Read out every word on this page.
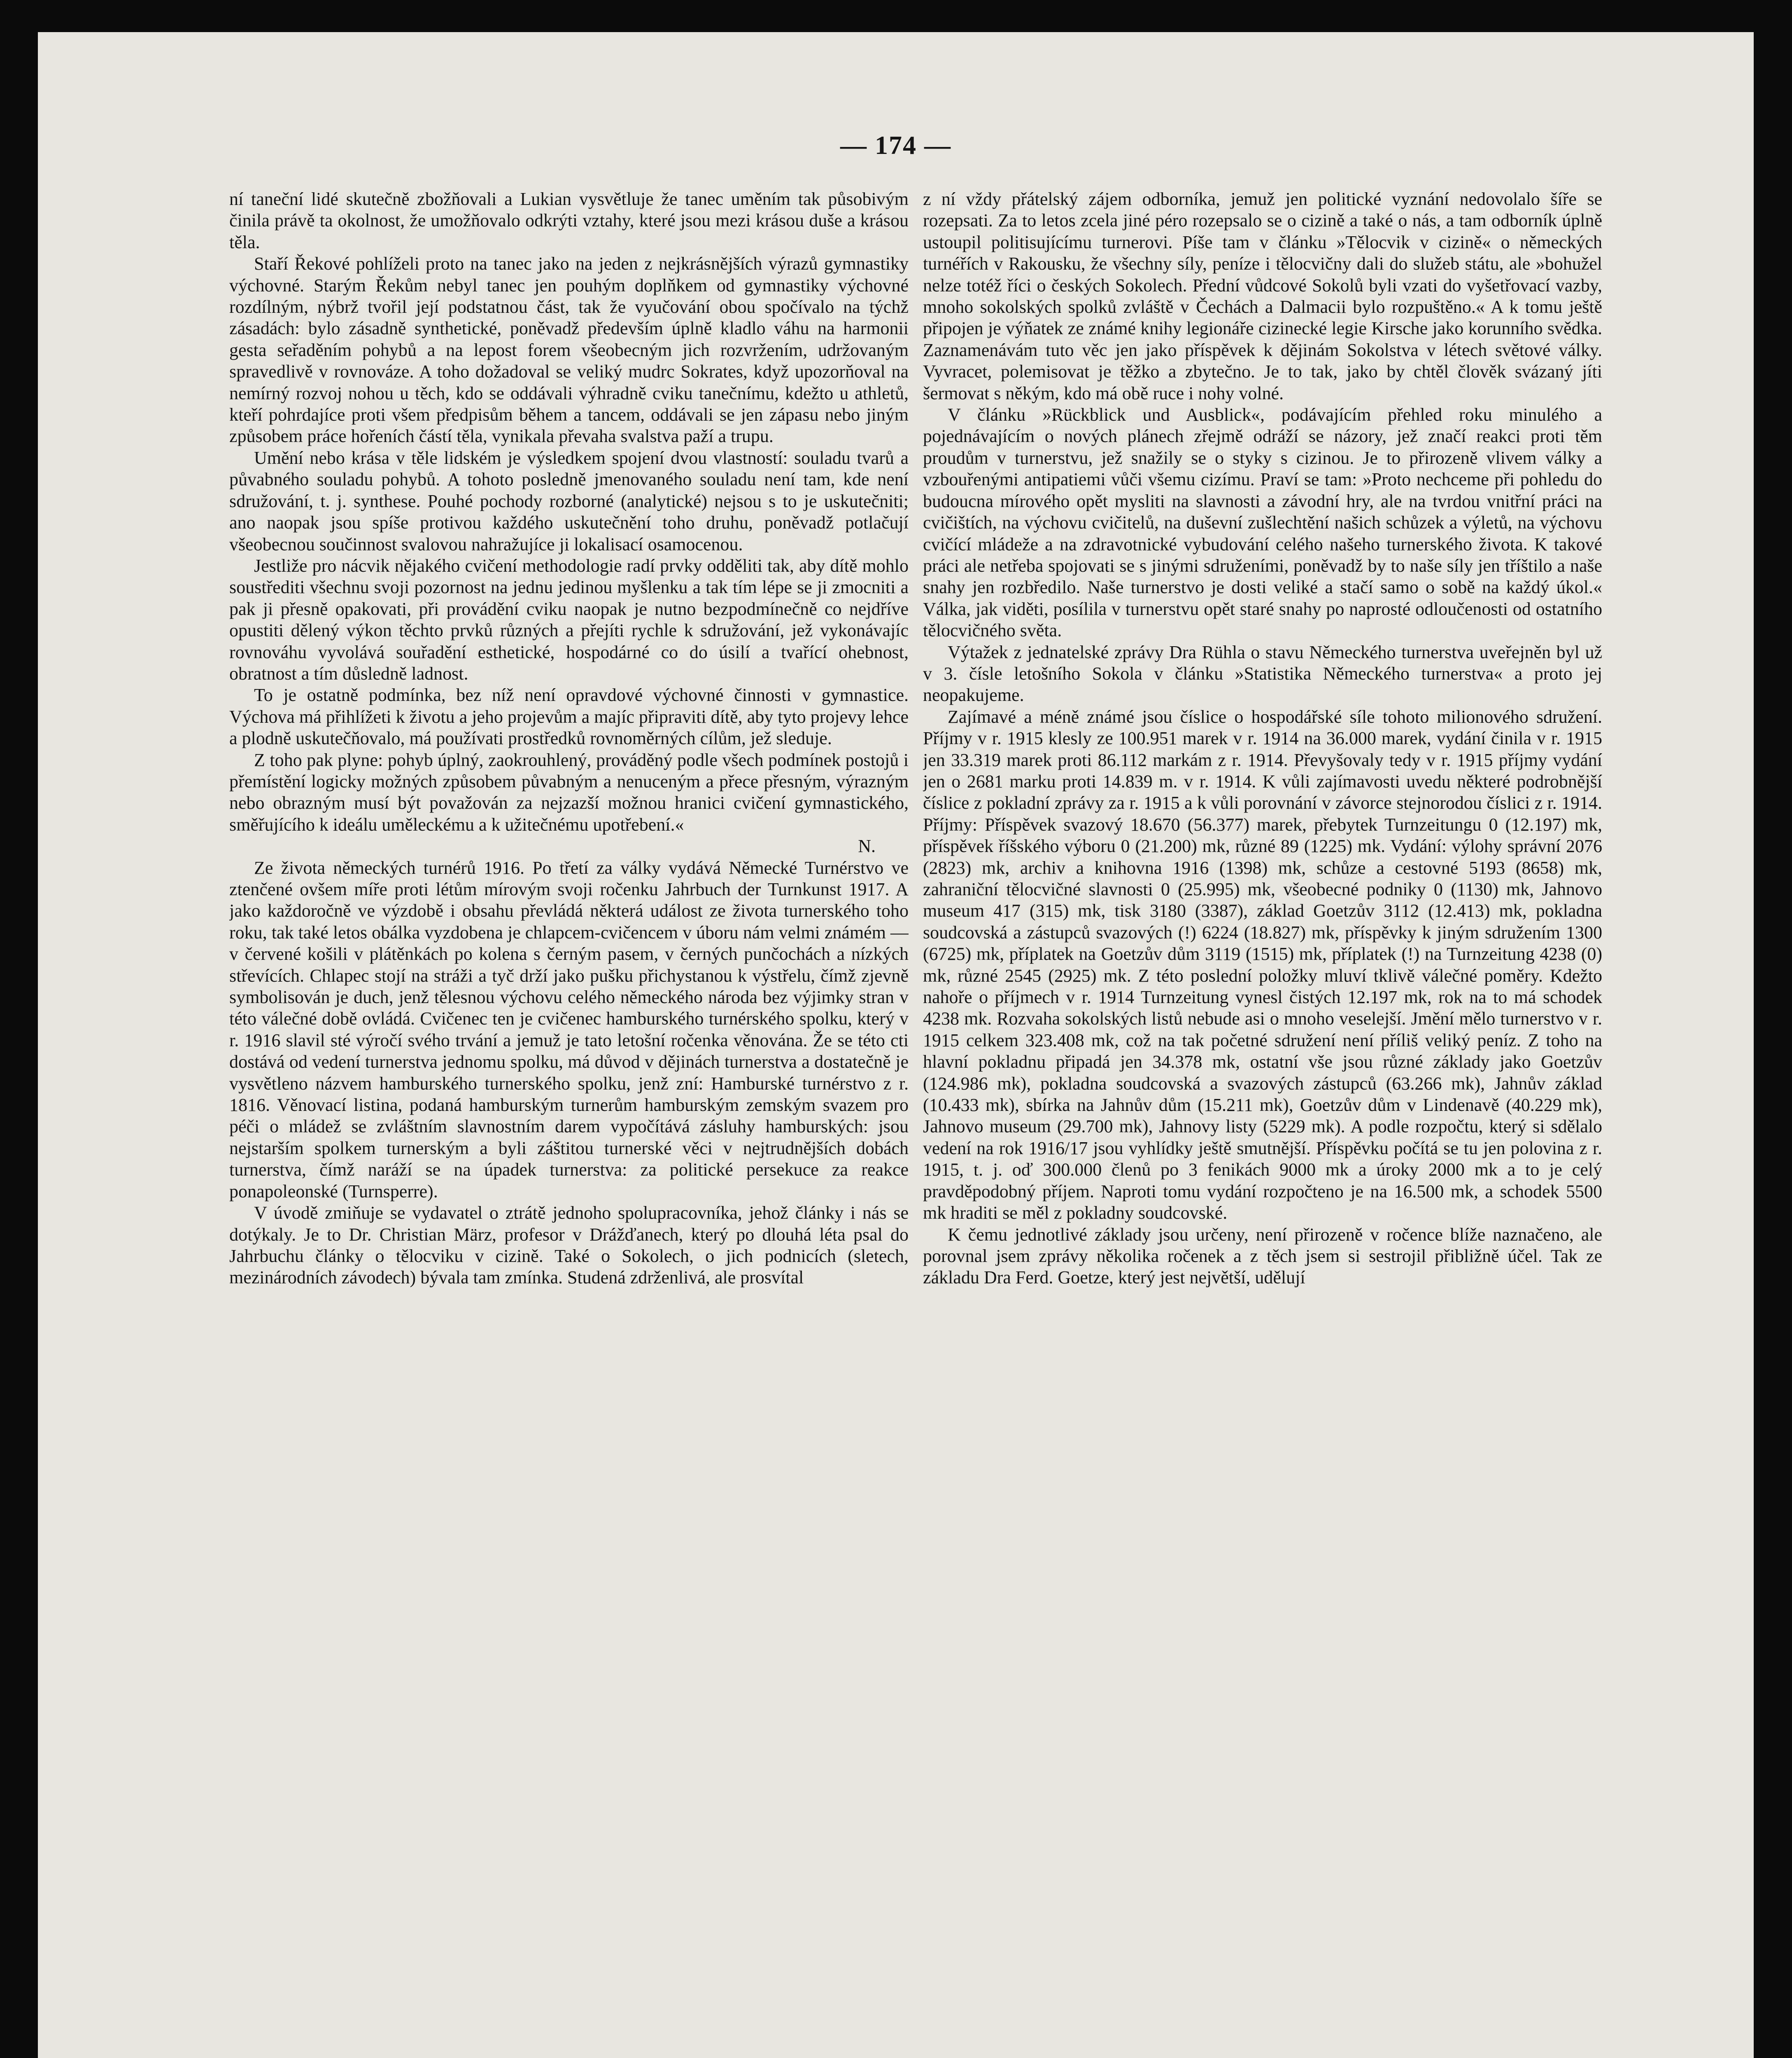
— 174 —

ní taneční lidé skutečně zbožňovali a Lukian vysvětluje že tanec uměním tak působivým činila právě ta okolnost, že umožňovalo odkrýti vztahy, které jsou mezi krásou duše a krásou těla.

Staří Řekové pohlíželi proto na tanec jako na jeden z nejkrásnějších výrazů gymnastiky výchovné. Starým Řekům nebyl tanec jen pouhým doplňkem od gymnastiky výchovné rozdílným, nýbrž tvořil její podstatnou část, tak že vyučování obou spočívalo na týchž zásadách: bylo zásadně synthetické, poněvadž především úplně kladlo váhu na harmonii gesta seřaděním pohybů a na lepost forem všeobecným jich rozvržením, udržovaným spravedlivě v rovnováze. A toho dožadoval se veliký mudrc Sokrates, když upozorňoval na nemírný rozvoj nohou u těch, kdo se oddávali výhradně cviku tanečnímu, kdežto u athletů, kteří pohrdajíce proti všem předpisům během a tancem, oddávali se jen zápasu nebo jiným způsobem práce hořeních částí těla, vynikala převaha svalstva paží a trupu.

Umění nebo krása v těle lidském je výsledkem spojení dvou vlastností: souladu tvarů a půvabného souladu pohybů. A tohoto posledně jmenovaného souladu není tam, kde není sdružování, t. j. synthese. Pouhé pochody rozborné (analytické) nejsou s to je uskutečniti; ano naopak jsou spíše protivou každého uskutečnění toho druhu, poněvadž potlačují všeobecnou součinnost svalovou nahražujíce ji lokalisací osamocenou.

Jestliže pro nácvik nějakého cvičení methodologie radí prvky odděliti tak, aby dítě mohlo soustřediti všechnu svoji pozornost na jednu jedinou myšlenku a tak tím lépe se ji zmocniti a pak ji přesně opakovati, při provádění cviku naopak je nutno bezpodmínečně co nejdříve opustiti dělený výkon těchto prvků různých a přejíti rychle k sdružování, jež vykonávajíc rovnováhu vyvolává souřadění esthetické, hospodárné co do úsilí a tvařící ohebnost, obratnost a tím důsledně ladnost.

To je ostatně podmínka, bez níž není opravdové výchovné činnosti v gymnastice. Výchova má přihlížeti k životu a jeho projevům a majíc připraviti dítě, aby tyto projevy lehce a plodně uskutečňovalo, má používati prostředků rovnoměrných cílům, jež sleduje.

Z toho pak plyne: pohyb úplný, zaokrouhlený, prováděný podle všech podmínek postojů i přemístění logicky možných způsobem půvabným a nenuceným a přece přesným, výrazným nebo obrazným musí být považován za nejzazší možnou hranici cvičení gymnastického, směřujícího k ideálu uměleckému a k užitečnému upotřebení.«

N.

Ze života německých turnérů 1916. Po třetí za války vydává Německé Turnérstvo ve ztenčené ovšem míře proti létům mírovým svoji ročenku Jahrbuch der Turnkunst 1917. A jako každoročně ve výzdobě i obsahu převládá některá událost ze života turnerského toho roku, tak také letos obálka vyzdobena je chlapcem-cvičencem v úboru nám velmi známém — v červené košili v plátěnkách po kolena s černým pasem, v černých punčochách a nízkých střevících. Chlapec stojí na stráži a tyč drží jako pušku přichystanou k výstřelu, čímž zjevně symbolisován je duch, jenž tělesnou výchovu celého německého národa bez výjimky stran v této válečné době ovládá. Cvičenec ten je cvičenec hamburského turnérského spolku, který v r. 1916 slavil sté výročí svého trvání a jemuž je tato letošní ročenka věnována. Že se této cti dostává od vedení turnerstva jednomu spolku, má důvod v dějinách turnerstva a dostatečně je vysvětleno názvem hamburského turnerského spolku, jenž zní: Hamburské turnérstvo z r. 1816. Věnovací listina, podaná hamburským turnerům hamburským zemským svazem pro péči o mládež se zvláštním slavnostním darem vypočítává zásluhy hamburských: jsou nejstarším spolkem turnerským a byli záštitou turnerské věci v nejtrudnějších dobách turnerstva, čímž naráží se na úpadek turnerstva: za politické persekuce za reakce ponapoleonské (Turnsperre).

V úvodě zmiňuje se vydavatel o ztrátě jednoho spolupracovníka, jehož články i nás se dotýkaly. Je to Dr. Christian März, profesor v Drážďanech, který po dlouhá léta psal do Jahrbuchu články o tělocviku v cizině. Také o Sokolech, o jich podnicích (sletech, mezinárodních závodech) bývala tam zmínka. Studená zdrženlivá, ale prosvítal

z ní vždy přátelský zájem odborníka, jemuž jen politické vyznání nedovolalo šíře se rozepsati. Za to letos zcela jiné péro rozepsalo se o cizině a také o nás, a tam odborník úplně ustoupil politisujícímu turnerovi. Píše tam v článku »Tělocvik v cizině« o německých turnéřích v Rakousku, že všechny síly, peníze i tělocvičny dali do služeb státu, ale »bohužel nelze totéž říci o českých Sokolech. Přední vůdcové Sokolů byli vzati do vyšetřovací vazby, mnoho sokolských spolků zvláště v Čechách a Dalmacii bylo rozpuštěno.« A k tomu ještě připojen je výňatek ze známé knihy legionáře cizinecké legie Kirsche jako korunního svědka. Zaznamenávám tuto věc jen jako příspěvek k dějinám Sokolstva v létech světové války. Vyvracet, polemisovat je těžko a zbytečno. Je to tak, jako by chtěl člověk svázaný jíti šermovat s někým, kdo má obě ruce i nohy volné.

V článku »Rückblick und Ausblick«, podávajícím přehled roku minulého a pojednávajícím o nových plánech zřejmě odráží se názory, jež značí reakci proti těm proudům v turnerstvu, jež snažily se o styky s cizinou. Je to přirozeně vlivem války a vzbouřenými antipatiemi vůči všemu cizímu. Praví se tam: »Proto nechceme při pohledu do budoucna mírového opět mysliti na slavnosti a závodní hry, ale na tvrdou vnitřní práci na cvičištích, na výchovu cvičitelů, na duševní zušlechtění našich schůzek a výletů, na výchovu cvičící mládeže a na zdravotnické vybudování celého našeho turnerského života. K takové práci ale netřeba spojovati se s jinými sdruženími, poněvadž by to naše síly jen tříštilo a naše snahy jen rozbředilo. Naše turnerstvo je dosti veliké a stačí samo o sobě na každý úkol.« Válka, jak viděti, posílila v turnerstvu opět staré snahy po naprosté odloučenosti od ostatního tělocvičného světa.

Výtažek z jednatelské zprávy Dra Rühla o stavu Německého turnerstva uveřejněn byl už v 3. čísle letošního Sokola v článku »Statistika Německého turnerstva« a proto jej neopakujeme.

Zajímavé a méně známé jsou číslice o hospodářské síle tohoto milionového sdružení. Příjmy v r. 1915 klesly ze 100.951 marek v r. 1914 na 36.000 marek, vydání činila v r. 1915 jen 33.319 marek proti 86.112 markám z r. 1914. Převyšovaly tedy v r. 1915 příjmy vydání jen o 2681 marku proti 14.839 m. v r. 1914. K vůli zajímavosti uvedu některé podrobnější číslice z pokladní zprávy za r. 1915 a k vůli porovnání v závorce stejnorodou číslici z r. 1914. Příjmy: Příspěvek svazový 18.670 (56.377) marek, přebytek Turnzeitungu 0 (12.197) mk, příspěvek říšského výboru 0 (21.200) mk, různé 89 (1225) mk. Vydání: výlohy správní 2076 (2823) mk, archiv a knihovna 1916 (1398) mk, schůze a cestovné 5193 (8658) mk, zahraniční tělocvičné slavnosti 0 (25.995) mk, všeobecné podniky 0 (1130) mk, Jahnovo museum 417 (315) mk, tisk 3180 (3387), základ Goetzův 3112 (12.413) mk, pokladna soudcovská a zástupců svazových (!) 6224 (18.827) mk, příspěvky k jiným sdružením 1300 (6725) mk, příplatek na Goetzův dům 3119 (1515) mk, příplatek (!) na Turnzeitung 4238 (0) mk, různé 2545 (2925) mk. Z této poslední položky mluví tklivě válečné poměry. Kdežto nahoře o příjmech v r. 1914 Turnzeitung vynesl čistých 12.197 mk, rok na to má schodek 4238 mk. Rozvaha sokolských listů nebude asi o mnoho veselejší. Jmění mělo turnerstvo v r. 1915 celkem 323.408 mk, což na tak početné sdružení není příliš veliký peníz. Z toho na hlavní pokladnu připadá jen 34.378 mk, ostatní vše jsou různé základy jako Goetzův (124.986 mk), pokladna soudcovská a svazových zástupců (63.266 mk), Jahnův základ (10.433 mk), sbírka na Jahnův dům (15.211 mk), Goetzův dům v Lindenavě (40.229 mk), Jahnovo museum (29.700 mk), Jahnovy listy (5229 mk). A podle rozpočtu, který si sdělalo vedení na rok 1916/17 jsou vyhlídky ještě smutnější. Příspěvku počítá se tu jen polovina z r. 1915, t. j. oď 300.000 členů po 3 fenikách 9000 mk a úroky 2000 mk a to je celý pravděpodobný příjem. Naproti tomu vydání rozpočteno je na 16.500 mk, a schodek 5500 mk hraditi se měl z pokladny soudcovské.

K čemu jednotlivé základy jsou určeny, není přirozeně v ročence blíže naznačeno, ale porovnal jsem zprávy několika ročenek a z těch jsem si sestrojil přibližně účel. Tak ze základu Dra Ferd. Goetze, který jest největší, udělují
